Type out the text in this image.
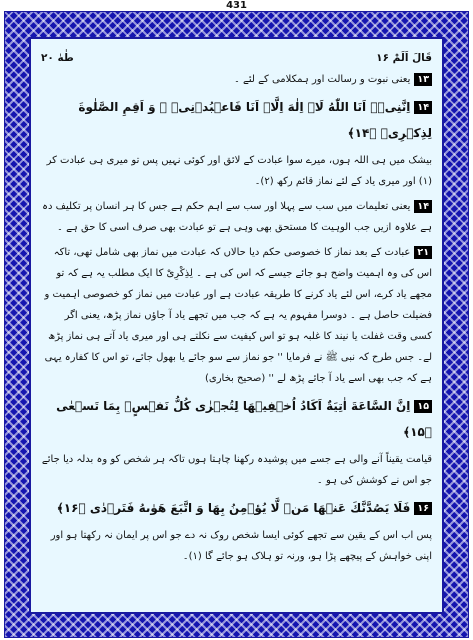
431
قَالَ اَلَمْ ۱۶
طٰهٰ ۲۰
۱۳یعنی نبوت و رسالت اور ہمکلامی کے لئے ۔
۱۴اِنَّنِیۡۤ اَنَا اللّٰهُ لَاۤ اِلٰهَ اِلَّاۤ اَنَا فَاعۡبُدۡنِیۡ ۙ وَ اَقِمِ الصَّلٰوةَ لِذِكۡرِیۡ ﴿۱۴﴾
بیشک میں ہی اللہ ہوں، میرے سوا عبادت کے لائق اور کوئی نہیں پس تو میری ہی عبادت کر (۱) اور میری یاد کے لئے نماز قائم رکھ (۲)۔
۱۴یعنی تعلیمات میں سب سے پہلا اور سب سے اہم حکم ہے جس کا ہر انسان پر تکلیف دہ ہے علاوہ ازیں جب الوہیت کا مستحق بھی وہی ہے تو عبادت بھی صرف اسی کا حق ہے ۔
۲۱عبادت کے بعد نماز کا خصوصی حکم دیا حالاں کہ عبادت میں نماز بھی شامل تھی، تاکہ اس کی وہ اہمیت واضح ہو جائے جیسے کہ اس کی ہے ۔ لِذِكْرِیْ کا ایک مطلب یہ ہے کہ تو مجھے یاد کرے، اس لئے یاد کرنے کا طریقہ عبادت ہے اور عبادت میں نماز کو خصوصی اہمیت و فضیلت حاصل ہے ۔ دوسرا مفہوم یہ ہے کہ جب میں تجھے یاد آ جاؤں نماز پڑھ، یعنی اگر کسی وقت غفلت یا نیند کا غلبہ ہو تو اس کیفیت سے نکلتے ہی اور میری یاد آتے ہی نماز پڑھ لے۔ جس طرح کہ نبی ﷺ نے فرمایا '' جو نماز سے سو جائے یا بھول جائے، تو اس کا کفارہ یہی ہے کہ جب بھی اسے یاد آ جائے پڑھ لے '' (صحیح بخاری)
۱۵اِنَّ السَّاعَةَ اٰتِیَةٌ اَكَادُ اُخۡفِیۡهَا لِتُجۡزٰی كُلُّ نَفۡسٍۭ بِمَا تَسۡعٰی ﴿۱۵﴾
قیامت یقیناً آنے والی ہے جسے میں پوشیدہ رکھنا چاہتا ہوں تاکہ ہر شخص کو وہ بدلہ دیا جائے جو اس نے کوشش کی ہو ۔
۱۶فَلَا یَصُدَّنَّكَ عَنۡهَا مَنۡ لَّا یُؤۡمِنُ بِهَا وَ اتَّبَعَ هَوٰىهُ فَتَرۡدٰی ﴿۱۶﴾
پس اب اس کے یقین سے تجھے کوئی ایسا شخص روک نہ دے جو اس پر ایمان نہ رکھتا ہو اور اپنی خواہش کے پیچھے پڑا ہو، ورنہ تو ہلاک ہو جائے گا (۱)۔
